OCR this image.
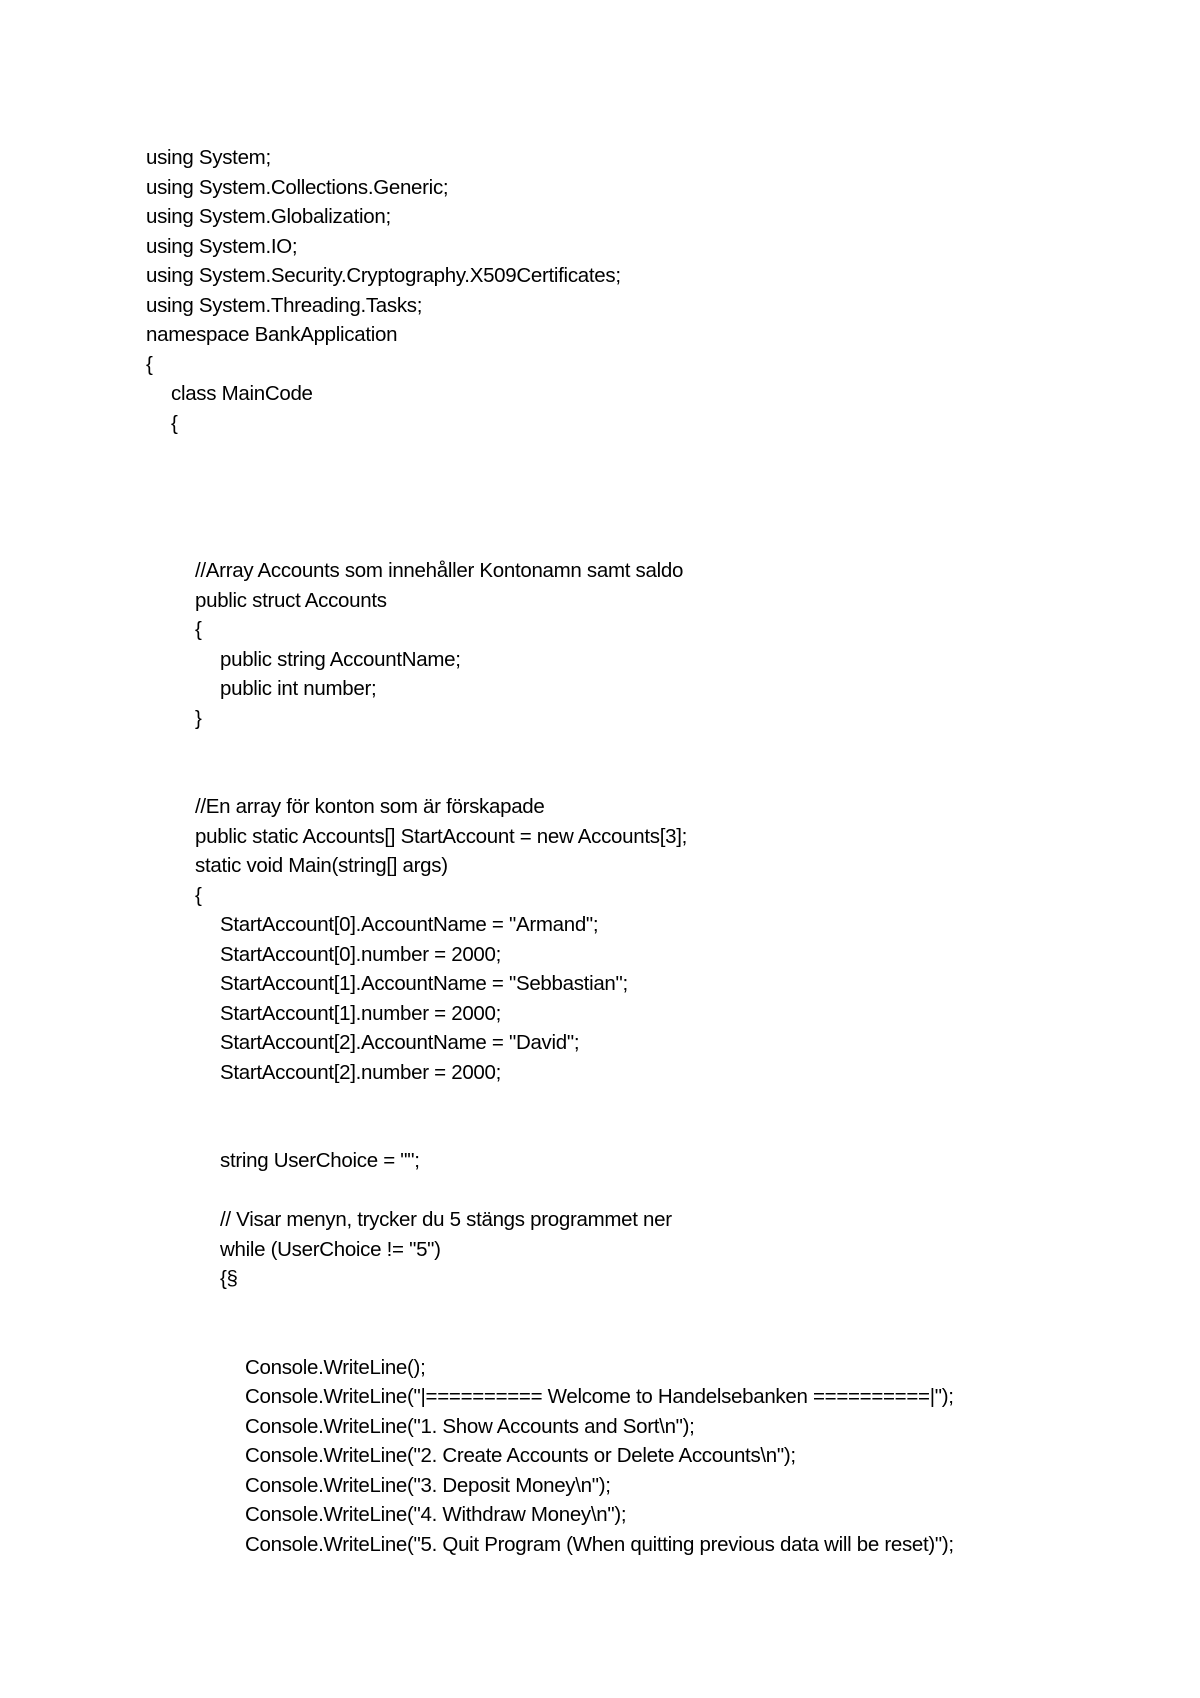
using System;
using System.Collections.Generic;
using System.Globalization;
using System.IO;
using System.Security.Cryptography.X509Certificates;
using System.Threading.Tasks;
namespace BankApplication
{
class MainCode
{
//Array Accounts som innehåller Kontonamn samt saldo
public struct Accounts
{
public string AccountName;
public int number;
}
//En array för konton som är förskapade
public static Accounts[] StartAccount = new Accounts[3];
static void Main(string[] args)
{
StartAccount[0].AccountName = "Armand";
StartAccount[0].number = 2000;
StartAccount[1].AccountName = "Sebbastian";
StartAccount[1].number = 2000;
StartAccount[2].AccountName = "David";
StartAccount[2].number = 2000;
string UserChoice = "";
// Visar menyn, trycker du 5 stängs programmet ner
while (UserChoice != "5")
{§
Console.WriteLine();
Console.WriteLine("|========== Welcome to Handelsebanken ==========|");
Console.WriteLine("1. Show Accounts and Sort\n");
Console.WriteLine("2. Create Accounts or Delete Accounts\n");
Console.WriteLine("3. Deposit Money\n");
Console.WriteLine("4. Withdraw Money\n");
Console.WriteLine("5. Quit Program (When quitting previous data will be reset)");
